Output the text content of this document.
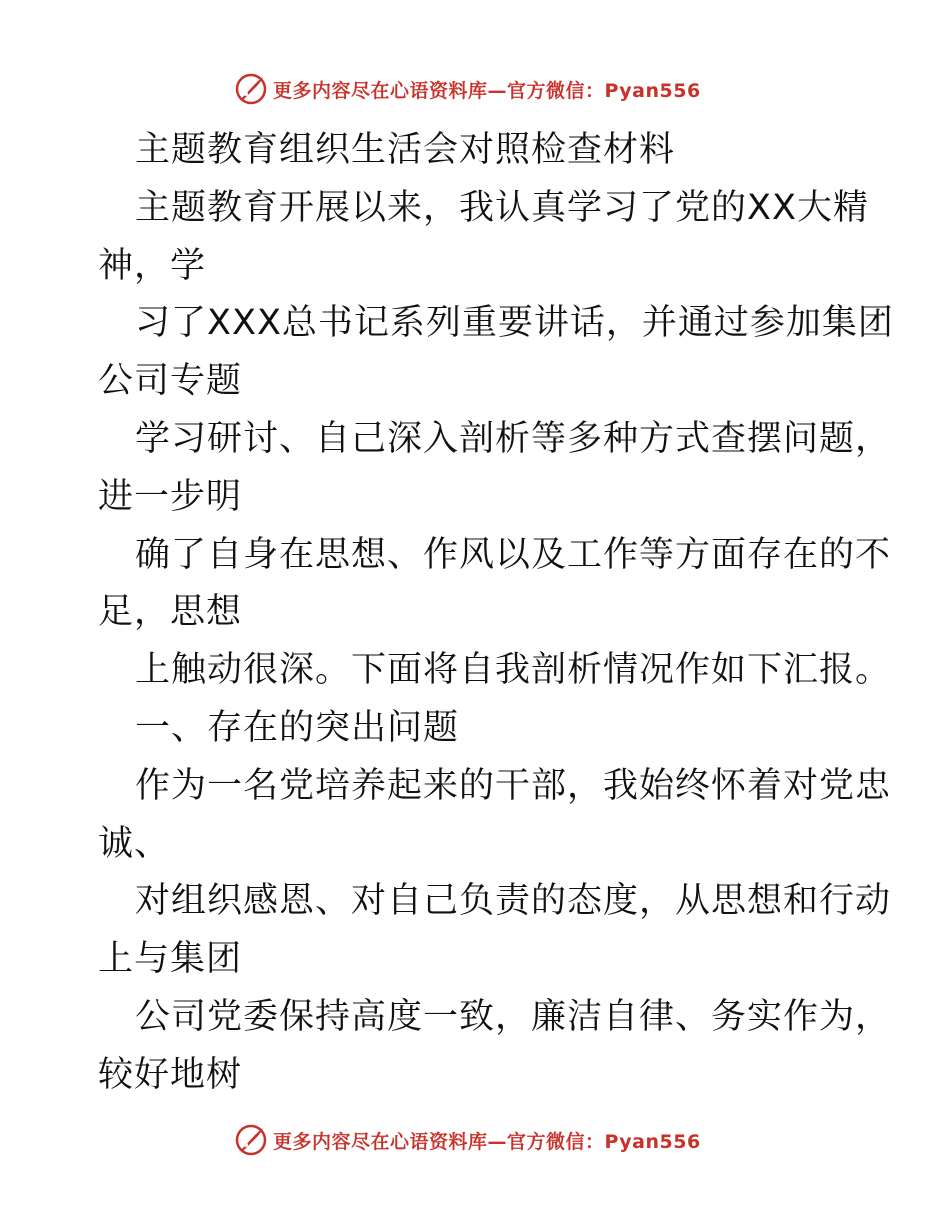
更多内容尽在心语资料库—官方微信：Pyan556
主题教育组织生活会对照检查材料
主题教育开展以来，我认真学习了党的XX大精
神，学
习了XXX总书记系列重要讲话，并通过参加集团
公司专题
学习研讨、自己深入剖析等多种方式查摆问题，
进一步明
确了自身在思想、作风以及工作等方面存在的不
足，思想
上触动很深。下面将自我剖析情况作如下汇报。
一、存在的突出问题
作为一名党培养起来的干部，我始终怀着对党忠
诚、
对组织感恩、对自己负责的态度，从思想和行动
上与集团
公司党委保持高度一致，廉洁自律、务实作为，
较好地树
更多内容尽在心语资料库—官方微信：Pyan556
